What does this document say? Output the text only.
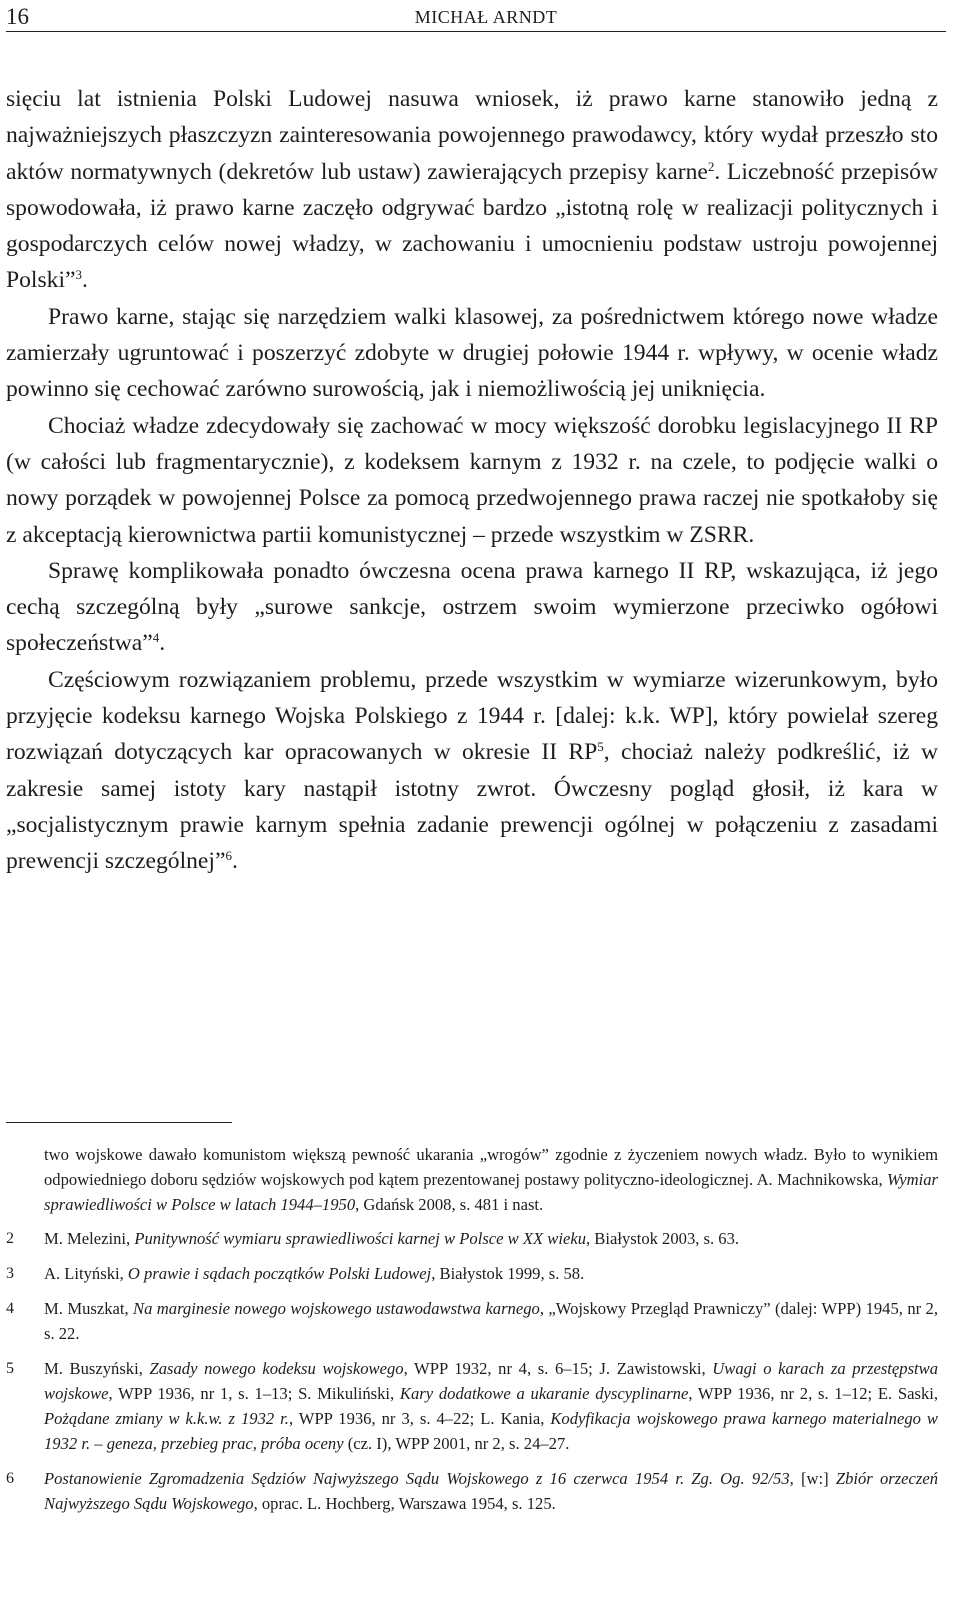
16	MICHAŁ ARNDT

sięciu lat istnienia Polski Ludowej nasuwa wniosek, iż prawo karne stanowiło jedną z najważniejszych płaszczyzn zainteresowania powojennego prawodawcy, który wydał przeszło sto aktów normatywnych (dekretów lub ustaw) zawierających przepisy karne$^2$. Liczebność przepisów spowodowała, iż prawo karne zaczęło odgrywać bardzo „istotną rolę w realizacji politycznych i gospodarczych celów nowej władzy, w zachowaniu i umocnieniu podstaw ustroju powojennej Polski”$^3$.

Prawo karne, stając się narzędziem walki klasowej, za pośrednictwem którego nowe władze zamierzały ugruntować i poszerzyć zdobyte w drugiej połowie 1944 r. wpływy, w ocenie władz powinno się cechować zarówno surowością, jak i niemożliwością jej uniknięcia.

Chociaż władze zdecydowały się zachować w mocy większość dorobku legislacyjnego II RP (w całości lub fragmentarycznie), z kodeksem karnym z 1932 r. na czele, to podjęcie walki o nowy porządek w powojennej Polsce za pomocą przedwojennego prawa raczej nie spotkałoby się z akceptacją kierownictwa partii komunistycznej – przede wszystkim w ZSRR.

Sprawę komplikowała ponadto ówczesna ocena prawa karnego II RP, wskazująca, iż jego cechą szczególną były „surowe sankcje, ostrzem swoim wymierzone przeciwko ogółowi społeczeństwa”$^4$.

Częściowym rozwiązaniem problemu, przede wszystkim w wymiarze wizerunkowym, było przyjęcie kodeksu karnego Wojska Polskiego z 1944 r. [dalej: k.k. WP], który powielał szereg rozwiązań dotyczących kar opracowanych w okresie II $RP^5$, chociaż należy podkreślić, iż w zakresie samej istoty kary nastąpił istotny zwrot. Ówczesny pogląd głosił, iż kara w „socjalistycznym prawie karnym spełnia zadanie prewencji ogólnej w połączeniu z zasadami prewencji szczególnej”$^6$.

two wojskowe dawało komunistom większą pewność ukarania „wrogów” zgodnie z życzeniem nowych władz. Było to wynikiem odpowiedniego doboru sędziów wojskowych pod kątem prezentowanej postawy polityczno-ideologicznej. A. Machnikowska, Wymiar sprawiedliwości w Polsce w latach 1944–1950, Gdańsk 2008, s. 481 i nast.
2	M. Melezini, Punitywność wymiaru sprawiedliwości karnej w Polsce w XX wieku, Białystok 2003, s. 63.
3	A. Lityński, O prawie i sądach początków Polski Ludowej, Białystok 1999, s. 58.
4	M. Muszkat, Na marginesie nowego wojskowego ustawodawstwa karnego, „Wojskowy Przegląd Prawniczy” (dalej: WPP) 1945, nr 2, s. 22.
5	M. Buszyński, Zasady nowego kodeksu wojskowego, WPP 1932, nr 4, s. 6–15; J. Zawistowski, Uwagi o karach za przestępstwa wojskowe, WPP 1936, nr 1, s. 1–13; S. Mikuliński, Kary dodatkowe a ukaranie dyscyplinarne, WPP 1936, nr 2, s. 1–12; E. Saski, Pożądane zmiany w k.k.w. z 1932 r., WPP 1936, nr 3, s. 4–22; L. Kania, Kodyfikacja wojskowego prawa karnego materialnego w 1932 r. – geneza, przebieg prac, próba oceny (cz. I), WPP 2001, nr 2, s. 24–27.
6	Postanowienie Zgromadzenia Sędziów Najwyższego Sądu Wojskowego z 16 czerwca 1954 r. Zg. Og. 92/53, [w:] Zbiór orzeczeń Najwyższego Sądu Wojskowego, oprac. L. Hochberg, Warszawa 1954, s. 125.
